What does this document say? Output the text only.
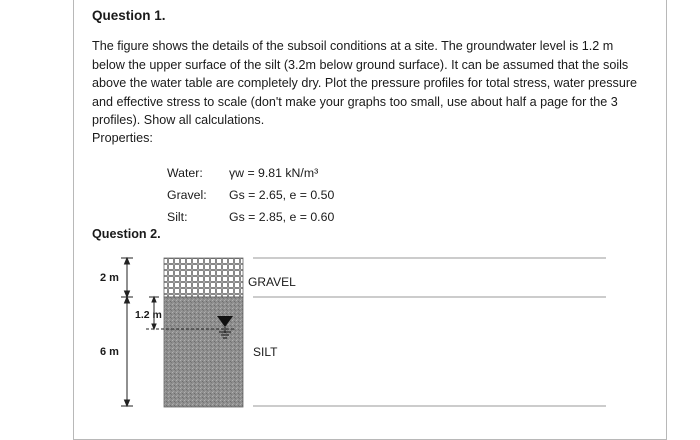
Question 1.

The figure shows the details of the subsoil conditions at a site. The groundwater level is 1.2 m below the upper surface of the silt (3.2m below ground surface). It can be assumed that the soils above the water table are completely dry. Plot the pressure profiles for total stress, water pressure and effective stress to scale (don't make your graphs too small, use about half a page for the 3 profiles). Show all calculations.

Properties:
Water: γw = 9.81 kN/m³
Gravel: Gs = 2.65, e = 0.50
Silt:	Gs = 2.85, e = 0.60
Question 2.
2 m
6 m
1.2 m
GRAVEL
SILT
